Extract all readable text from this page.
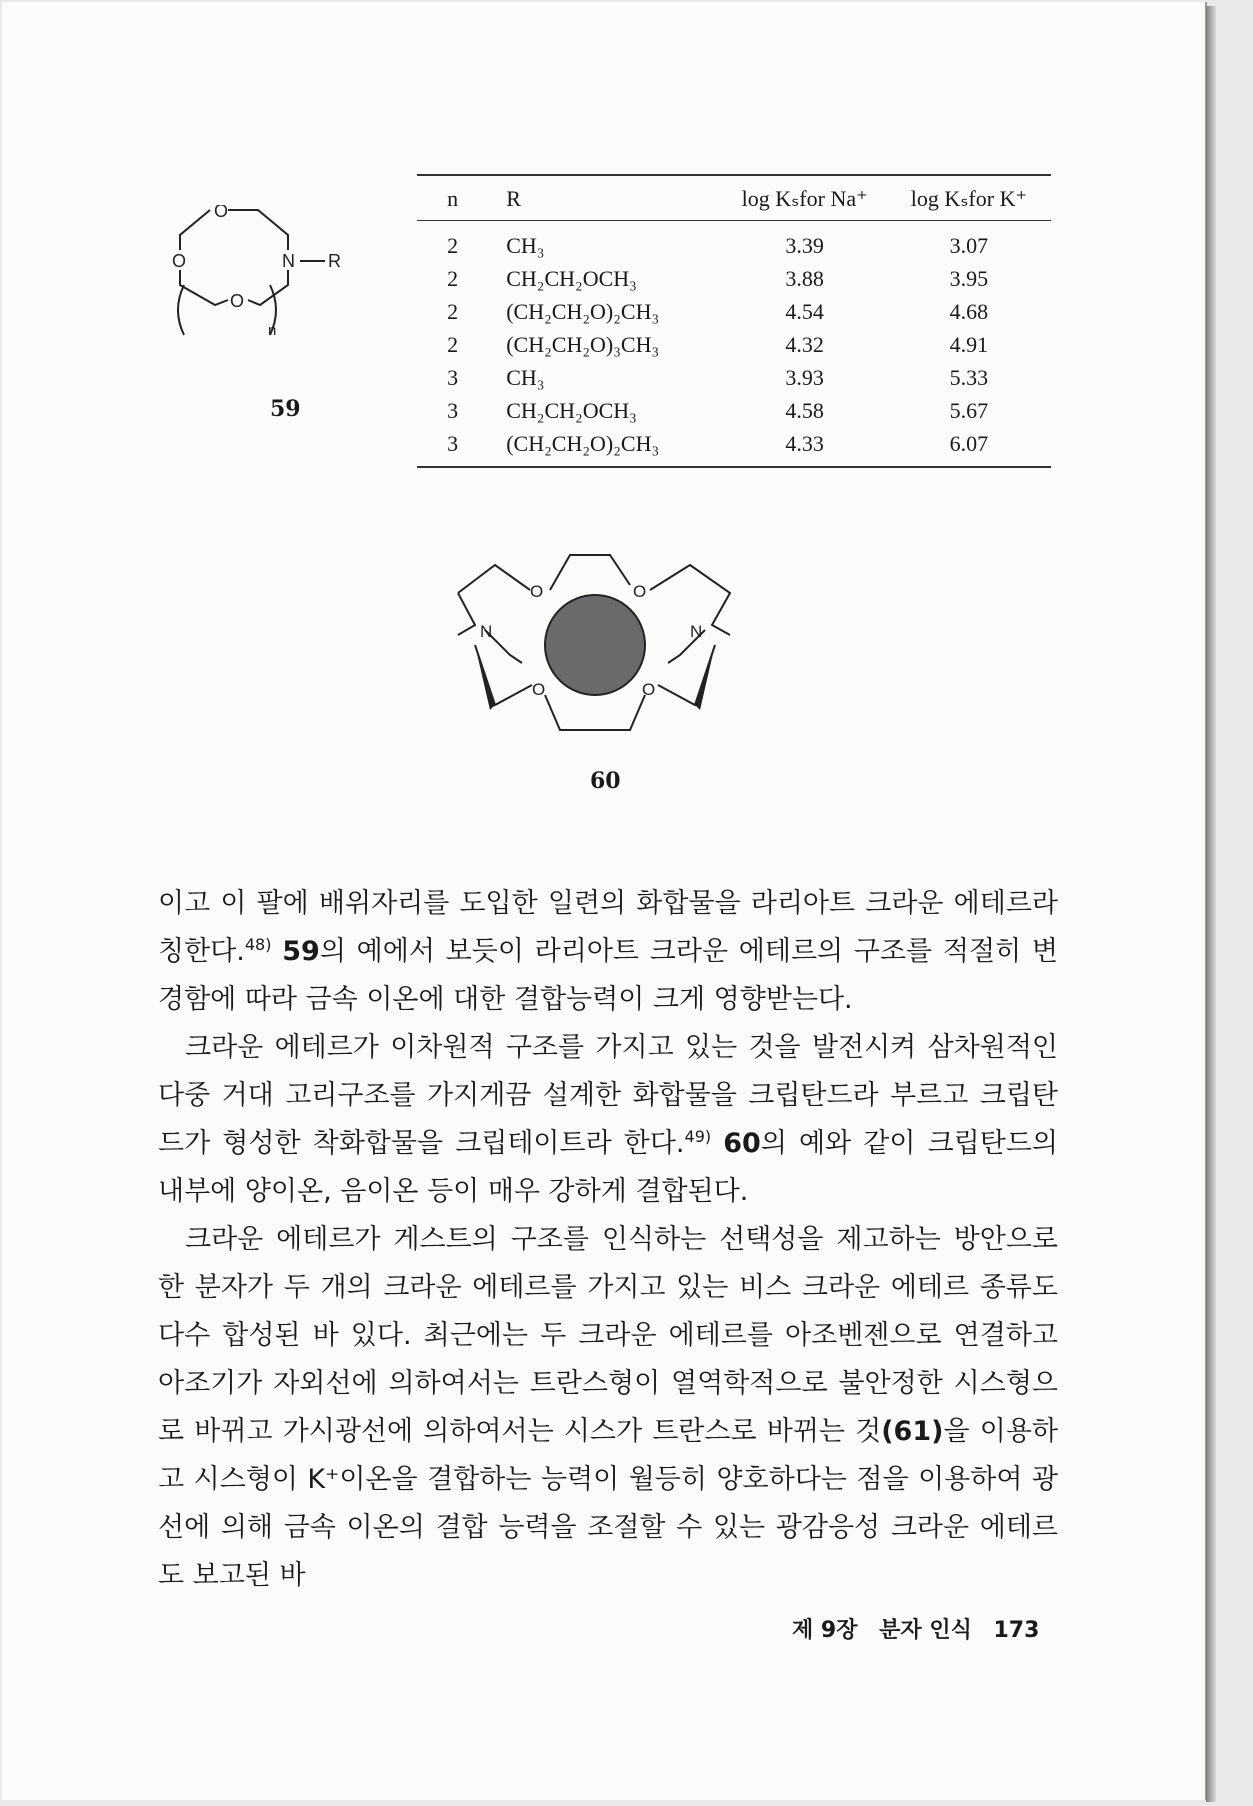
O
O
O
N R
n
59
n	R	log Kₛfor Na⁺	log Kₛfor K⁺
2	CH₃	3.39	3.07
2	CH₂CH₂OCH₃	3.88	3.95
2	(CH₂CH₂O)₂CH₃	4.54	4.68
2	(CH₂CH₂O)₃CH₃	4.32	4.91
3	CH₃	3.93	5.33
3	CH₂CH₂OCH₃	4.58	5.67
3	(CH₂CH₂O)₂CH₃	4.33	6.07
O	O
O	O
N	N
60

이고 이 팔에 배위자리를 도입한 일련의 화합물을 라리아트 크라운 에테르라 칭한다.$^{48)}$ 59의 예에서 보듯이 라리아트 크라운 에테르의 구조를 적절히 변경함에 따라 금속 이온에 대한 결합능력이 크게 영향받는다.

크라운 에테르가 이차원적 구조를 가지고 있는 것을 발전시켜 삼차원적인 다중 거대 고리구조를 가지게끔 설계한 화합물을 크립탄드라 부르고 크립탄드가 형성한 착화합물을 크립테이트라 한다.$^{49)}$ 60의 예와 같이 크립탄드의 내부에 양이온, 음이온 등이 매우 강하게 결합된다.

크라운 에테르가 게스트의 구조를 인식하는 선택성을 제고하는 방안으로 한 분자가 두 개의 크라운 에테르를 가지고 있는 비스 크라운 에테르 종류도 다수 합성된 바 있다. 최근에는 두 크라운 에테르를 아조벤젠으로 연결하고 아조기가 자외선에 의하여서는 트란스형이 열역학적으로 불안정한 시스형으로 바뀌고 가시광선에 의하여서는 시스가 트란스로 바뀌는 것(61)을 이용하고 시스형이 K⁺이온을 결합하는 능력이 월등히 양호하다는 점을 이용하여 광선에 의해 금속 이온의 결합 능력을 조절할 수 있는 광감응성 크라운 에테르도 보고된 바

제 9장 분자 인식 173
